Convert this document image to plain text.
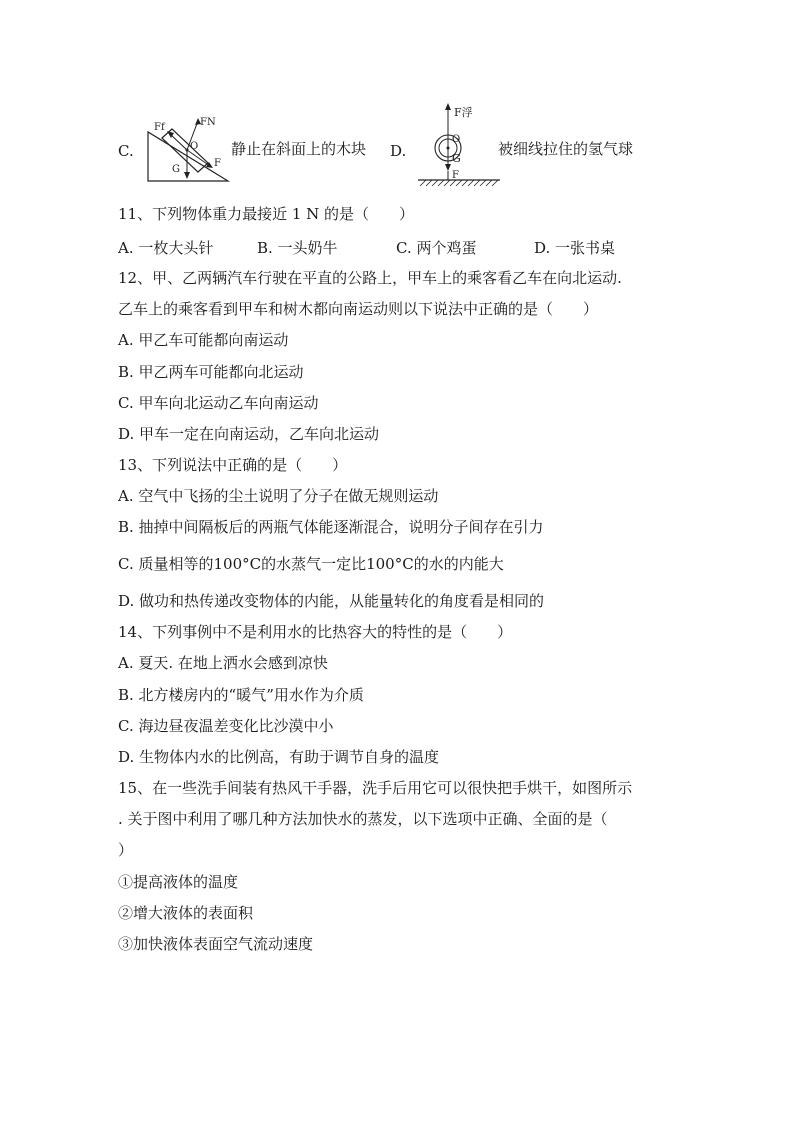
C.
Ff	FN
O
G
F
静止在斜面上的木块 D.
F浮
O
G
F
被细线拉住的氢气球
11、下列物体重力最接近 1 N 的是（　　）
A. 一枚大头针	B. 一头奶牛	C. 两个鸡蛋	D. 一张书桌
12、甲、乙两辆汽车行驶在平直的公路上，甲车上的乘客看乙车在向北运动.
乙车上的乘客看到甲车和树木都向南运动则以下说法中正确的是（　　）
A. 甲乙车可能都向南运动
B. 甲乙两车可能都向北运动
C. 甲车向北运动乙车向南运动
D. 甲车一定在向南运动，乙车向北运动
13、下列说法中正确的是（　　）
A. 空气中飞扬的尘土说明了分子在做无规则运动
B. 抽掉中间隔板后的两瓶气体能逐渐混合，说明分子间存在引力
C. 质量相等的100°C的水蒸气一定比100°C的水的内能大
D. 做功和热传递改变物体的内能，从能量转化的角度看是相同的
14、下列事例中不是利用水的比热容大的特性的是（　　）
A. 夏天. 在地上洒水会感到凉快
B. 北方楼房内的“暖气”用水作为介质
C. 海边昼夜温差变化比沙漠中小
D. 生物体内水的比例高，有助于调节自身的温度
15、在一些洗手间装有热风干手器，洗手后用它可以很快把手烘干，如图所示
. 关于图中利用了哪几种方法加快水的蒸发，以下选项中正确、全面的是（
）
①提高液体的温度
②增大液体的表面积
③加快液体表面空气流动速度
